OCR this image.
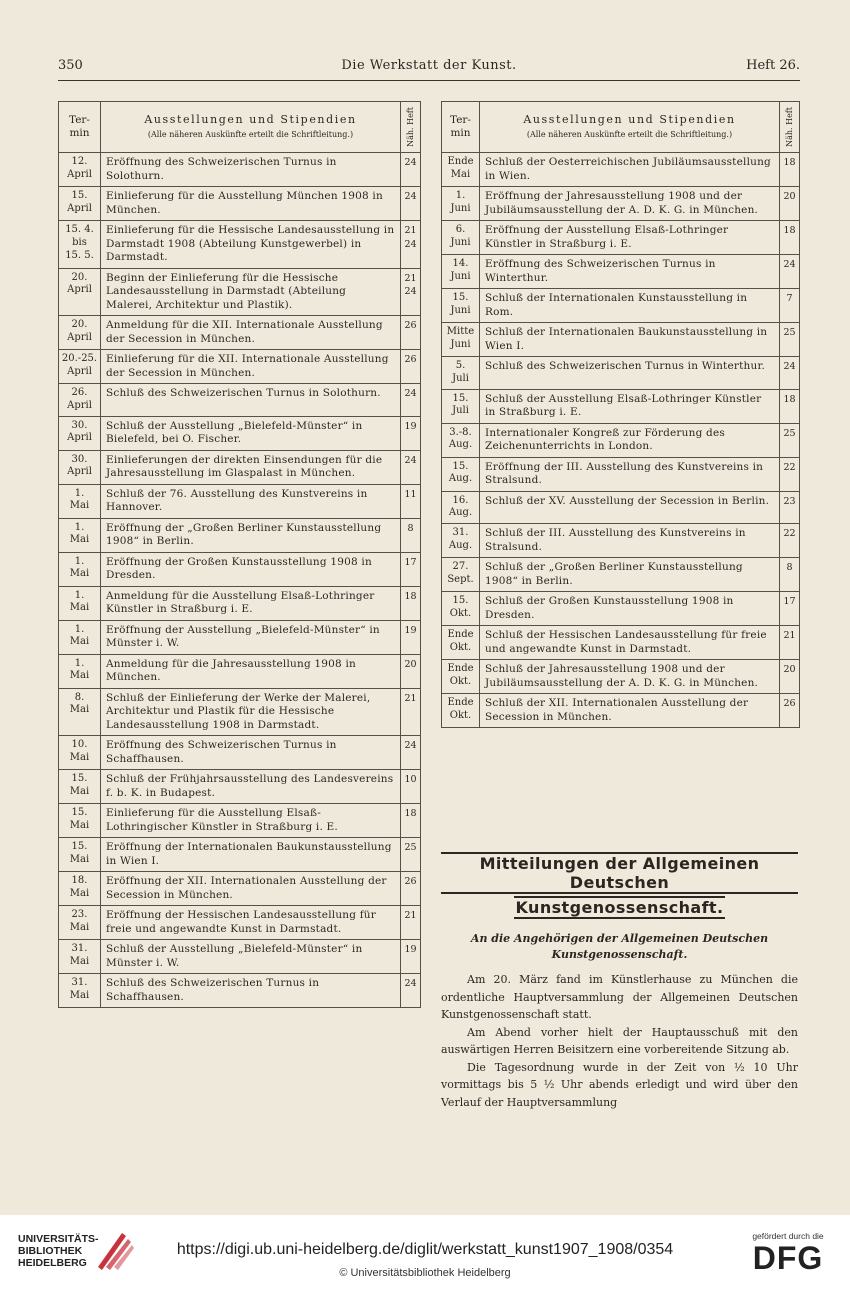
350	Die Werkstatt der Kunst.	Heft 26.
Ter-
min	Ausstellungen und Stipendien
(Alle näheren Auskünfte erteilt die Schriftleitung.)	Näh. Heft

12.
April	Eröffnung des Schweizerischen Turnus in Solothurn.	24

15.
April	Einlieferung für die Ausstellung München 1908 in München.	24

15. 4. bis
15. 5.	Einlieferung für die Hessische Landesausstellung in Darmstadt 1908 (Abteilung Kunstgewerbel) in Darmstadt.	21 24

20.
April	Beginn der Einlieferung für die Hessische Landesausstellung in Darmstadt (Abteilung Malerei, Architektur und Plastik).	21 24

20.
April	Anmeldung für die XII. Internationale Ausstellung der Secession in München.	26

20.-25.
April	Einlieferung für die XII. Internationale Ausstellung der Secession in München.	26

26.
April	Schluß des Schweizerischen Turnus in Solothurn.	24

30.
April	Schluß der Ausstellung „Bielefeld-Münster“ in Bielefeld, bei O. Fischer.	19

30.
April	Einlieferungen der direkten Einsendungen für die Jahresausstellung im Glaspalast in München.	24

1.
Mai	Schluß der 76. Ausstellung des Kunstvereins in Hannover.	11

1.
Mai	Eröffnung der „Großen Berliner Kunstausstellung 1908“ in Berlin.	8

1.
Mai	Eröffnung der Großen Kunstausstellung 1908 in Dresden.	17

1.
Mai	Anmeldung für die Ausstellung Elsaß-Lothringer Künstler in Straßburg i. E.	18

1.
Mai	Eröffnung der Ausstellung „Bielefeld-Münster“ in Münster i. W.	19

1.
Mai	Anmeldung für die Jahresausstellung 1908 in München.	20

8.
Mai	Schluß der Einlieferung der Werke der Malerei, Architektur und Plastik für die Hessische Landesausstellung 1908 in Darmstadt.	21

10.
Mai	Eröffnung des Schweizerischen Turnus in Schaffhausen.	24

15.
Mai	Schluß der Frühjahrsausstellung des Landesvereins f. b. K. in Budapest.	10

15.
Mai	Einlieferung für die Ausstellung Elsaß-Lothringischer Künstler in Straßburg i. E.	18

15.
Mai	Eröffnung der Internationalen Baukunstausstellung in Wien I.	25

18.
Mai	Eröffnung der XII. Internationalen Ausstellung der Secession in München.	26

23.
Mai	Eröffnung der Hessischen Landesausstellung für freie und angewandte Kunst in Darmstadt.	21

31.
Mai	Schluß der Ausstellung „Bielefeld-Münster“ in Münster i. W.	19

31.
Mai	Schluß des Schweizerischen Turnus in Schaffhausen.	24
Ter-
min	Ausstellungen und Stipendien
(Alle näheren Auskünfte erteilt die Schriftleitung.)	Näh. Heft

Ende
Mai	Schluß der Oesterreichischen Jubiläumsausstellung in Wien.	18

1.
Juni	Eröffnung der Jahresausstellung 1908 und der Jubiläumsausstellung der A. D. K. G. in München.	20

6.
Juni	Eröffnung der Ausstellung Elsaß-Lothringer Künstler in Straßburg i. E.	18

14.
Juni	Eröffnung des Schweizerischen Turnus in Winterthur.	24

15.
Juni	Schluß der Internationalen Kunstausstellung in Rom.	7

Mitte
Juni	Schluß der Internationalen Baukunstausstellung in Wien I.	25

5.
Juli	Schluß des Schweizerischen Turnus in Winterthur.	24

15.
Juli	Schluß der Ausstellung Elsaß-Lothringer Künstler in Straßburg i. E.	18

3.-8.
Aug.	Internationaler Kongreß zur Förderung des Zeichenunterrichts in London.	25

15.
Aug.	Eröffnung der III. Ausstellung des Kunstvereins in Stralsund.	22

16.
Aug.	Schluß der XV. Ausstellung der Secession in Berlin.	23

31.
Aug.	Schluß der III. Ausstellung des Kunstvereins in Stralsund.	22

27.
Sept.	Schluß der „Großen Berliner Kunstausstellung 1908“ in Berlin.	8

15.
Okt.	Schluß der Großen Kunstausstellung 1908 in Dresden.	17

Ende
Okt.	Schluß der Hessischen Landesausstellung für freie und angewandte Kunst in Darmstadt.	21

Ende
Okt.	Schluß der Jahresausstellung 1908 und der Jubiläumsausstellung der A. D. K. G. in München.	20

Ende
Okt.	Schluß der XII. Internationalen Ausstellung der Secession in München.	26
Mitteilungen der Allgemeinen Deutschen
Kunstgenossenschaft.
An die Angehörigen der Allgemeinen Deutschen Kunstgenossenschaft.

Am 20. März fand im Künstlerhause zu München die ordentliche Hauptversammlung der Allgemeinen Deutschen Kunstgenossenschaft statt.

Am Abend vorher hielt der Hauptausschuß mit den auswärtigen Herren Beisitzern eine vorbereitende Sitzung ab.

Die Tagesordnung wurde in der Zeit von ½ 10 Uhr vormittags bis 5 ½ Uhr abends erledigt und wird über den Verlauf der Hauptversammlung

UNIVERSITÄTS-
BIBLIOTHEK
HEIDELBERG
https://digi.ub.uni-heidelberg.de/diglit/werkstatt_kunst1907_1908/0354
© Universitätsbibliothek Heidelberg
gefördert durch die
DFG
